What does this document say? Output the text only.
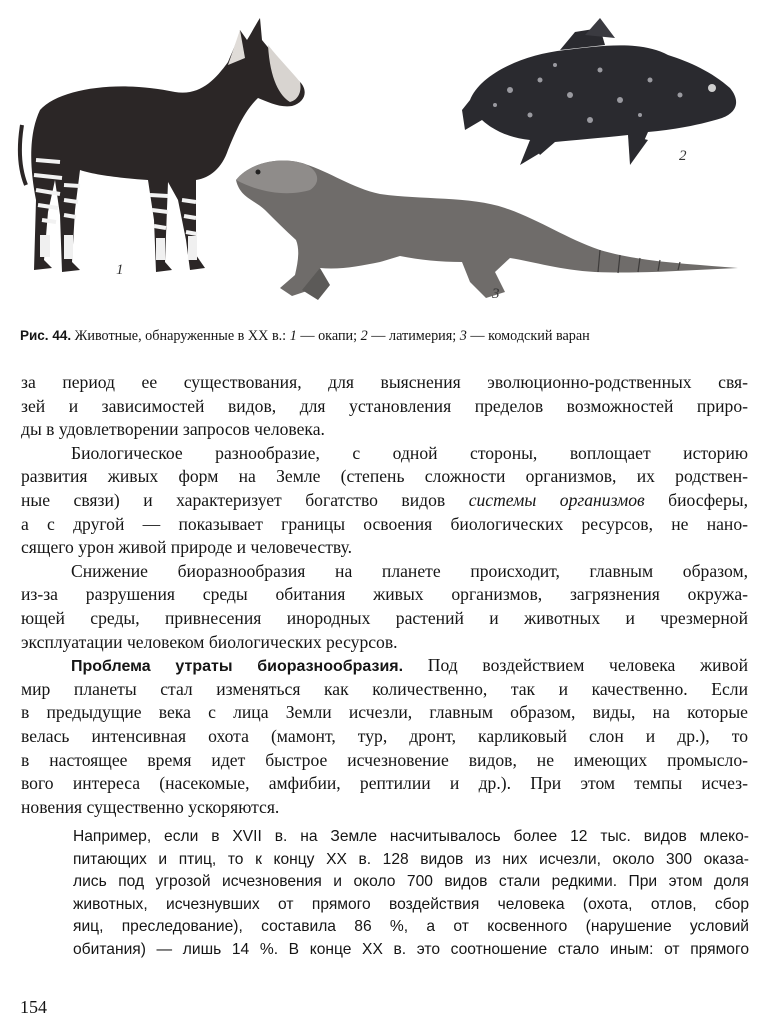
1
2
3
Рис. 44. Животные, обнаруженные в XX в.: 1 — окапи; 2 — латимерия; 3 — комодский варан
за период ее существования, для выяснения эволюционно-родственных свя-
зей и зависимостей видов, для установления пределов возможностей приро-
ды в удовлетворении запросов человека.
Биологическое разнообразие, с одной стороны, воплощает историю
развития живых форм на Земле (степень сложности организмов, их родствен-
ные связи) и характеризует богатство видов системы организмов биосферы,
а с другой — показывает границы освоения биологических ресурсов, не нано-
сящего урон живой природе и человечеству.
Снижение биоразнообразия на планете происходит, главным образом,
из-за разрушения среды обитания живых организмов, загрязнения окружа-
ющей среды, привнесения инородных растений и животных и чрезмерной
эксплуатации человеком биологических ресурсов.
Проблема утраты биоразнообразия. Под воздействием человека живой
мир планеты стал изменяться как количественно, так и качественно. Если
в предыдущие века с лица Земли исчезли, главным образом, виды, на которые
велась интенсивная охота (мамонт, тур, дронт, карликовый слон и др.), то
в настоящее время идет быстрое исчезновение видов, не имеющих промысло-
вого интереса (насекомые, амфибии, рептилии и др.). При этом темпы исчез-
новения существенно ускоряются.
Например, если в XVII в. на Земле насчитывалось более 12 тыс. видов млеко-
питающих и птиц, то к концу XX в. 128 видов из них исчезли, около 300 оказа-
лись под угрозой исчезновения и около 700 видов стали редкими. При этом доля
животных, исчезнувших от прямого воздействия человека (охота, отлов, сбор
яиц, преследование), составила 86 %, а от косвенного (нарушение условий
обитания) — лишь 14 %. В конце XX в. это соотношение стало иным: от прямого
154
